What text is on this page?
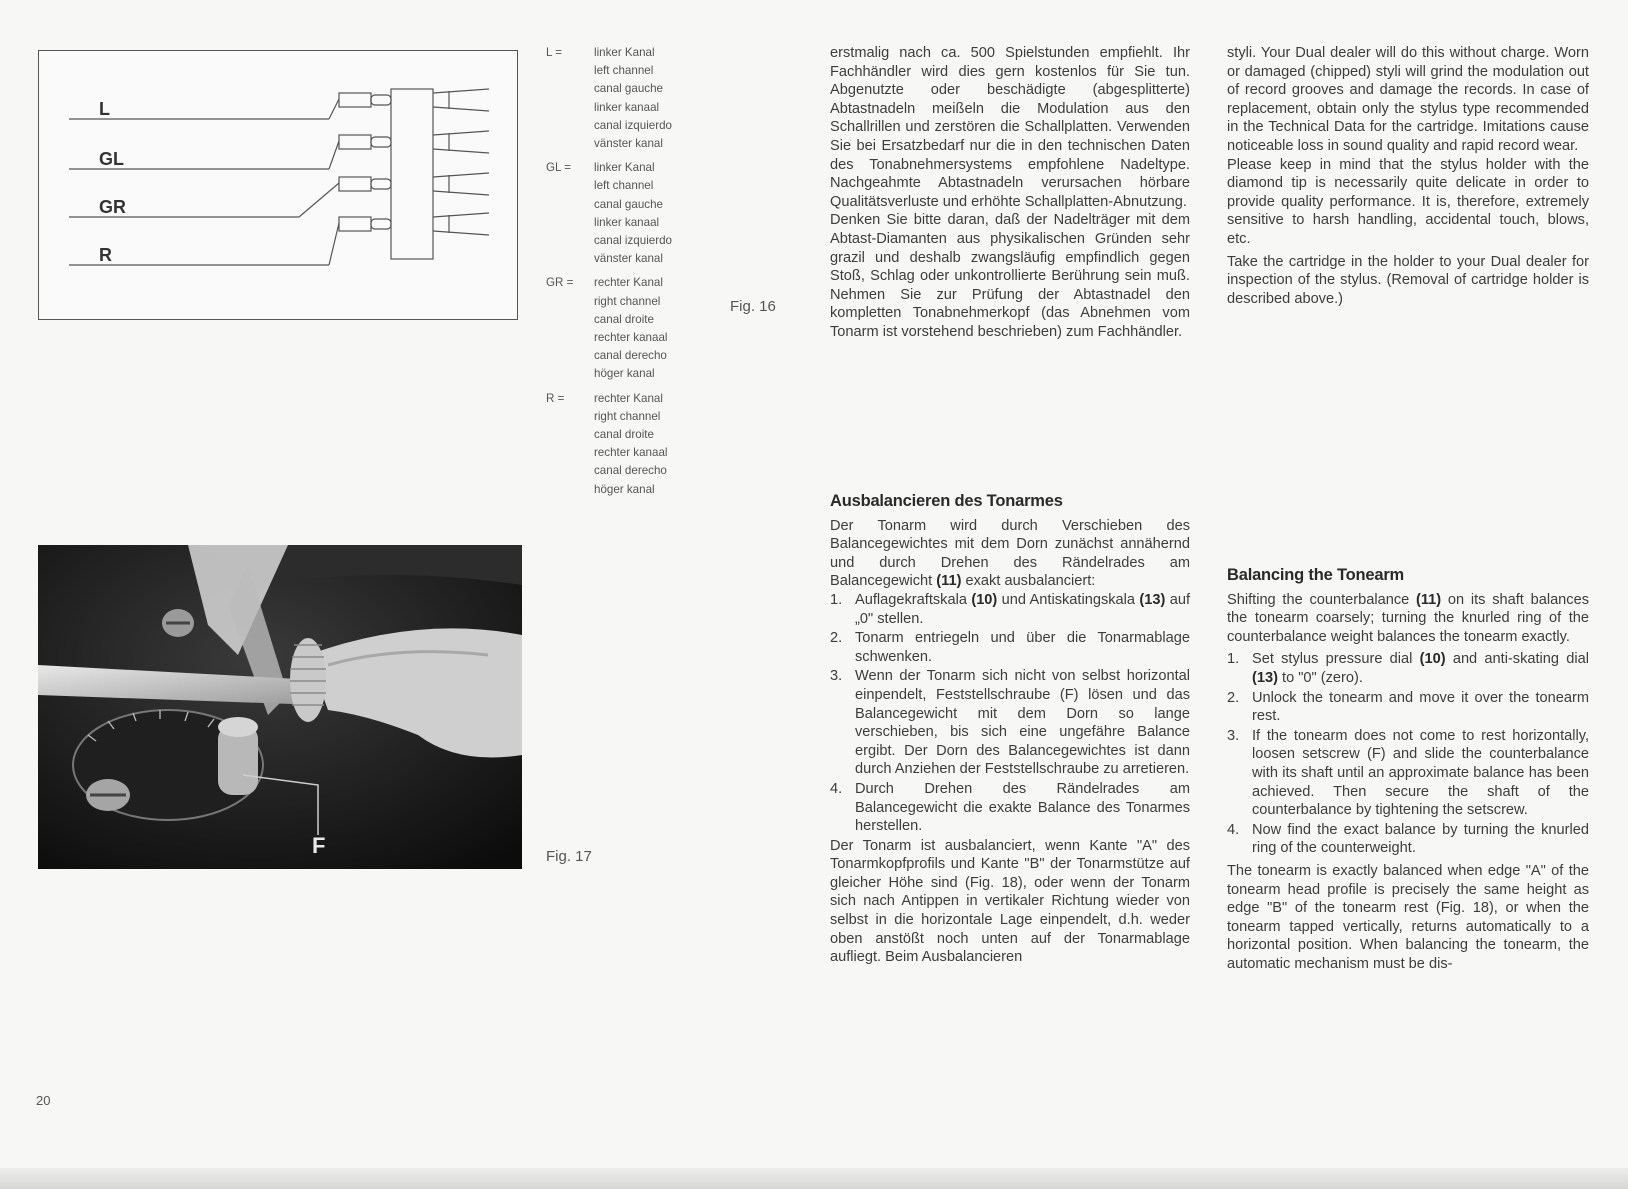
L
GL
GR
R
L =	linker Kanal
left channel
canal gauche
linker kanaal
canal izquierdo
vänster kanal
GL =	linker Kanal
left channel
canal gauche
linker kanaal
canal izquierdo
vänster kanal
GR =	rechter Kanal
right channel
canal droite
rechter kanaal
canal derecho
höger kanal
R =	rechter Kanal
right channel
canal droite
rechter kanaal
canal derecho
höger kanal
Fig. 16
F	Fig. 17

erstmalig nach ca. 500 Spielstunden empfiehlt. Ihr Fachhändler wird dies gern kostenlos für Sie tun. Abgenutzte oder beschädigte (abgesplitterte) Abtastnadeln meißeln die Modulation aus den Schallrillen und zerstören die Schallplatten. Verwenden Sie bei Ersatzbedarf nur die in den technischen Daten des Tonabnehmersystems empfohlene Nadeltype. Nachgeahmte Abtastnadeln verursachen hörbare Qualitätsverluste und erhöhte Schallplatten-Abnutzung.

Denken Sie bitte daran, daß der Nadelträger mit dem Abtast-Diamanten aus physikalischen Gründen sehr grazil und deshalb zwangsläufig empfindlich gegen Stoß, Schlag oder unkontrollierte Berührung sein muß. Nehmen Sie zur Prüfung der Abtastnadel den kompletten Tonabnehmerkopf (das Abnehmen vom Tonarm ist vorstehend beschrieben) zum Fachhändler.

Ausbalancieren des Tonarmes

Der Tonarm wird durch Verschieben des Balancegewichtes mit dem Dorn zunächst annähernd und durch Drehen des Rändelrades am Balancegewicht (11) exakt ausbalanciert:

1. Auflagekraftskala (10) und Antiskatingskala (13) auf „0" stellen.
2. Tonarm entriegeln und über die Tonarmablage schwenken.
3. Wenn der Tonarm sich nicht von selbst horizontal einpendelt, Feststellschraube (F) lösen und das Balancegewicht mit dem Dorn so lange verschieben, bis sich eine ungefähre Balance ergibt. Der Dorn des Balancegewichtes ist dann durch Anziehen der Feststellschraube zu arretieren.
4. Durch Drehen des Rändelrades am Balancegewicht die exakte Balance des Tonarmes herstellen.

Der Tonarm ist ausbalanciert, wenn Kante "A" des Tonarmkopfprofils und Kante "B" der Tonarmstütze auf gleicher Höhe sind (Fig. 18), oder wenn der Tonarm sich nach Antippen in vertikaler Richtung wieder von selbst in die horizontale Lage einpendelt, d.h. weder oben anstößt noch unten auf der Tonarmablage aufliegt. Beim Ausbalancieren

styli. Your Dual dealer will do this without charge. Worn or damaged (chipped) styli will grind the modulation out of record grooves and damage the records. In case of replacement, obtain only the stylus type recommended in the Technical Data for the cartridge. Imitations cause noticeable loss in sound quality and rapid record wear.

Please keep in mind that the stylus holder with the diamond tip is necessarily quite delicate in order to provide quality performance. It is, therefore, extremely sensitive to harsh handling, accidental touch, blows, etc.

Take the cartridge in the holder to your Dual dealer for inspection of the stylus. (Removal of cartridge holder is described above.)

Balancing the Tonearm

Shifting the counterbalance (11) on its shaft balances the tonearm coarsely; turning the knurled ring of the counterbalance weight balances the tonearm exactly.

1. Set stylus pressure dial (10) and anti-skating dial (13) to "0" (zero).
2. Unlock the tonearm and move it over the tonearm rest.
3. If the tonearm does not come to rest horizontally, loosen setscrew (F) and slide the counterbalance with its shaft until an approximate balance has been achieved. Then secure the shaft of the counterbalance by tightening the setscrew.
4. Now find the exact balance by turning the knurled ring of the counterweight.

The tonearm is exactly balanced when edge "A" of the tonearm head profile is precisely the same height as edge "B" of the tonearm rest (Fig. 18), or when the tonearm tapped vertically, returns automatically to a horizontal position. When balancing the tonearm, the automatic mechanism must be dis-

20
